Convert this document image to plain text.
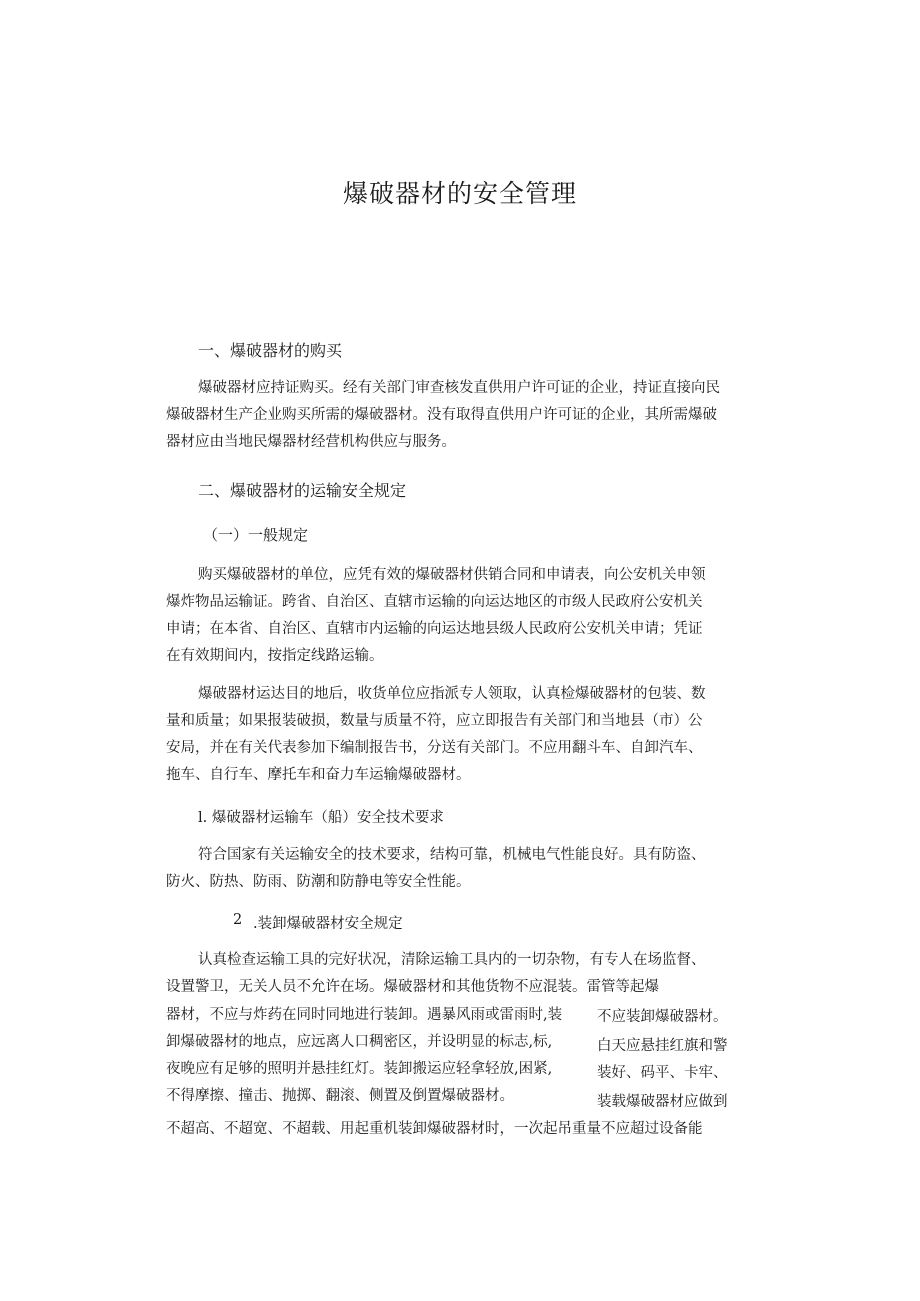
爆破器材的安全管理
一、爆破器材的购买
爆破器材应持证购买。经有关部门审查核发直供用户许可证的企业，持证直接向民
爆破器材生产企业购买所需的爆破器材。没有取得直供用户许可证的企业，其所需爆破
器材应由当地民爆器材经营机构供应与服务。
二、爆破器材的运输安全规定
（一）一般规定
购买爆破器材的单位，应凭有效的爆破器材供销合同和申请表，向公安机关申领
爆炸物品运输证。跨省、自治区、直辖市运输的向运达地区的市级人民政府公安机关
申请；在本省、自治区、直辖市内运输的向运达地县级人民政府公安机关申请；凭证
在有效期间内，按指定线路运输。
爆破器材运达目的地后，收货单位应指派专人领取，认真检爆破器材的包装、数
量和质量；如果报装破损，数量与质量不符，应立即报告有关部门和当地县（市）公
安局，并在有关代表参加下编制报告书，分送有关部门。不应用翻斗车、自卸汽车、
拖车、自行车、摩托车和奋力车运输爆破器材。
l. 爆破器材运输车（船）安全技术要求
符合国家有关运输安全的技术要求，结构可靠，机械电气性能良好。具有防盗、
防火、防热、防雨、防潮和防静电等安全性能。
2 .装卸爆破器材安全规定
认真检查运输工具的完好状况，清除运输工具内的一切杂物，有专人在场监督、
设置警卫，无关人员不允许在场。爆破器材和其他货物不应混装。雷管等起爆
器材，不应与炸药在同时同地进行装卸。遇暴风雨或雷雨时,装
卸爆破器材的地点，应远离人口稠密区，并设明显的标志,标,
夜晚应有足够的照明并悬挂红灯。装卸搬运应轻拿轻放,困紧,
不得摩擦、撞击、抛掷、翻滚、侧置及倒置爆破器材。
不应装卸爆破器材。
白天应悬挂红旗和警
装好、码平、卡牢、
装载爆破器材应做到
不超高、不超宽、不超载、用起重机装卸爆破器材时，一次起吊重量不应超过设备能
